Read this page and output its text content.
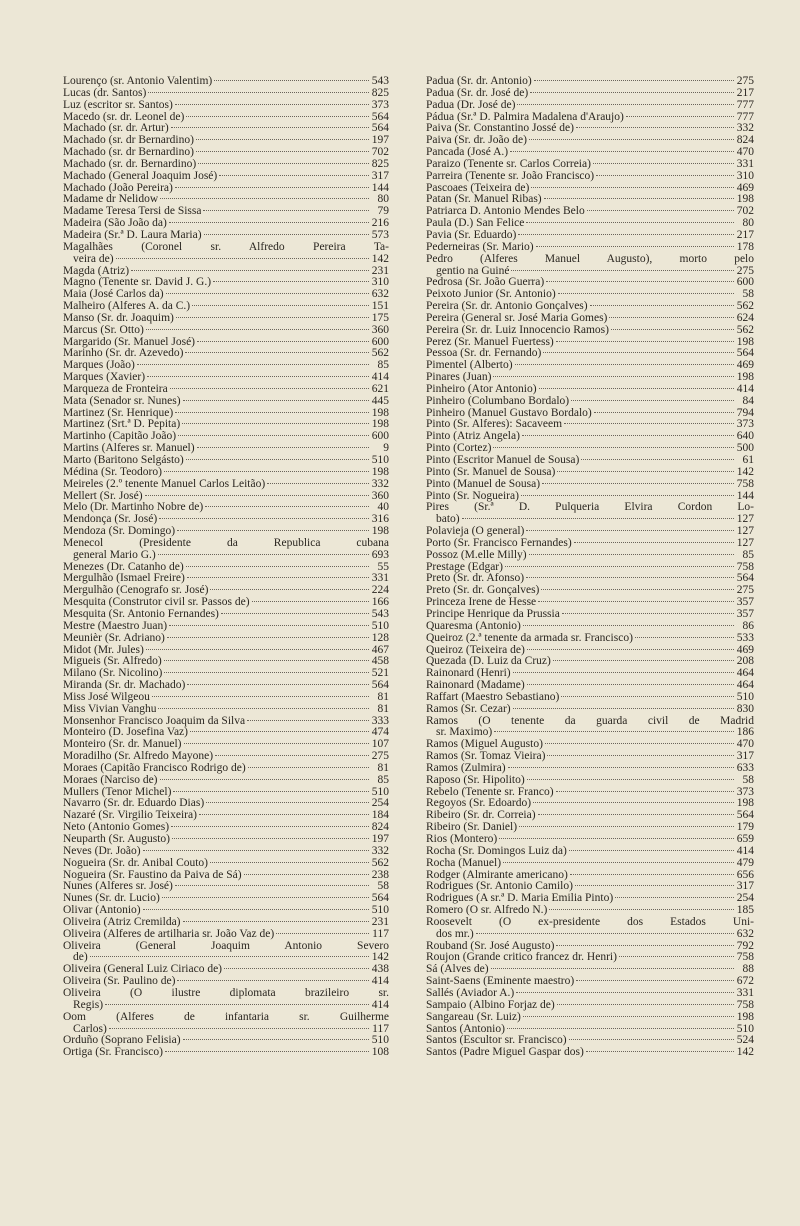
Lourenço (sr. Antonio Valentim)	543
Lucas (dr. Santos)	825
Luz (escritor sr. Santos)	373
Macedo (sr. dr. Leonel de)	564
Machado (sr. dr. Artur)	564
Machado (sr. dr Bernardino)	197
Machado (sr. dr Bernardino)	702
Machado (sr. dr. Bernardino)	825
Machado (General Joaquim José)	317
Machado (João Pereira)	144
Madame dr Nelidow	80
Madame Teresa Tersi de Sissa	79
Madeira (São João da)	216
Madeira (Sr.ª D. Laura Maria)	573
Magalhães (Coronel sr. Alfredo Pereira Ta-
veira de)	142
Magda (Atriz)	231
Magno (Tenente sr. David J. G.)	310
Maia (José Carlos da)	632
Malheiro (Alferes A. da C.)	151
Manso (Sr. dr. Joaquim)	175
Marcus (Sr. Otto)	360
Margarido (Sr. Manuel José)	600
Marinho (Sr. dr. Azevedo)	562
Marques (João)	85
Marques (Xavier)	414
Marqueza de Fronteira	621
Mata (Senador sr. Nunes)	445
Martinez (Sr. Henrique)	198
Martinez (Srt.ª D. Pepita)	198
Martinho (Capitão João)	600
Martins (Alferes sr. Manuel)	9
Marto (Baritono Selgásto)	510
Médina (Sr. Teodoro)	198
Meireles (2.º tenente Manuel Carlos Leitão)	332
Mellert (Sr. José)	360
Melo (Dr. Martinho Nobre de)	40
Mendonça (Sr. José)	316
Mendoza (Sr. Domingo)	198
Menecol (Presidente da Republica cubana
general Mario G.)	693
Menezes (Dr. Catanho de)	55
Mergulhão (Ismael Freire)	331
Mergulhão (Cenografo sr. José)	224
Mesquita (Construtor civil sr. Passos de)	166
Mesquita (Sr. Antonio Fernandes)	543
Mestre (Maestro Juan)	510
Meunièr (Sr. Adriano)	128
Midot (Mr. Jules)	467
Migueis (Sr. Alfredo)	458
Milano (Sr. Nicolino)	521
Miranda (Sr. dr. Machado)	564
Miss José Wilgeou	81
Miss Vivian Vanghu	81
Monsenhor Francisco Joaquim da Silva	333
Monteiro (D. Josefina Vaz)	474
Monteiro (Sr. dr. Manuel)	107
Moradilho (Sr. Alfredo Mayone)	275
Moraes (Capitão Francisco Rodrigo de)	81
Moraes (Narciso de)	85
Mullers (Tenor Michel)	510
Navarro (Sr. dr. Eduardo Dias)	254
Nazaré (Sr. Virgilio Teixeira)	184
Neto (Antonio Gomes)	824
Neuparth (Sr. Augusto)	197
Neves (Dr. João)	332
Nogueira (Sr. dr. Anibal Couto)	562
Nogueira (Sr. Faustino da Paiva de Sá)	238
Nunes (Alferes sr. José)	58
Nunes (Sr. dr. Lucio)	564
Olivar (Antonio)	510
Oliveira (Atriz Cremilda)	231
Oliveira (Alferes de artilharia sr. João Vaz de)	117
Oliveira (General Joaquim Antonio Severo
de)	142
Oliveira (General Luiz Ciriaco de)	438
Oliveira (Sr. Paulino de)	414
Oliveira (O ilustre diplomata brazileiro sr.
Regis)	414
Oom (Alferes de infantaria sr. Guilherme
Carlos)	117
Orduño (Soprano Felisia)	510
Ortiga (Sr. Francisco)	108
Padua (Sr. dr. Antonio)	275
Padua (Sr. dr. José de)	217
Padua (Dr. José de)	777
Pádua (Sr.ª D. Palmira Madalena d'Araujo)	777
Paiva (Sr. Constantino Jossé de)	332
Paiva (Sr. dr. João de)	824
Pancada (José A.)	470
Paraizo (Tenente sr. Carlos Correia)	331
Parreira (Tenente sr. João Francisco)	310
Pascoaes (Teixeira de)	469
Patan (Sr. Manuel Ribas)	198
Patriarca D. Antonio Mendes Belo	702
Paula (D.) San Felice	80
Pavia (Sr. Eduardo)	217
Pederneiras (Sr. Mario)	178
Pedro (Alferes Manuel Augusto), morto pelo
gentio na Guiné	275
Pedrosa (Sr. João Guerra)	600
Peixoto Junior (Sr. Antonio)	58
Pereira (Sr. dr. Antonio Gonçalves)	562
Pereira (General sr. José Maria Gomes)	624
Pereira (Sr. dr. Luiz Innocencio Ramos)	562
Perez (Sr. Manuel Fuertess)	198
Pessoa (Sr. dr. Fernando)	564
Pimentel (Alberto)	469
Pinares (Juan)	198
Pinheiro (Ator Antonio)	414
Pinheiro (Columbano Bordalo)	84
Pinheiro (Manuel Gustavo Bordalo)	794
Pinto (Sr. Alferes): Sacaveem	373
Pinto (Atriz Angela)	640
Pinto (Cortez)	500
Pinto (Escritor Manuel de Sousa)	61
Pinto (Sr. Manuel de Sousa)	142
Pinto (Manuel de Sousa)	758
Pinto (Sr. Nogueira)	144
Pires (Sr.ª D. Pulqueria Elvira Cordon Lo-
bato)	127
Polavieja (O general)	127
Porto (Sr. Francisco Fernandes)	127
Possoz (M.elle Milly)	85
Prestage (Edgar)	758
Preto (Sr. dr. Afonso)	564
Preto (Sr. dr. Gonçalves)	275
Princeza Irene de Hesse	357
Principe Henrique da Prussia	357
Quaresma (Antonio)	86
Queiroz (2.ª tenente da armada sr. Francisco)	533
Queiroz (Teixeira de)	469
Quezada (D. Luiz da Cruz)	208
Rainonard (Henri)	464
Rainonard (Madame)	464
Raffart (Maestro Sebastiano)	510
Ramos (Sr. Cezar)	830
Ramos (O tenente da guarda civil de Madrid
sr. Maximo)	186
Ramos (Miguel Augusto)	470
Ramos (Sr. Tomaz Vieira)	317
Ramos (Zulmira)	633
Raposo (Sr. Hipolito)	58
Rebelo (Tenente sr. Franco)	373
Regoyos (Sr. Edoardo)	198
Ribeiro (Sr. dr. Correia)	564
Ribeiro (Sr. Daniel)	179
Rios (Montero)	659
Rocha (Sr. Domingos Luiz da)	414
Rocha (Manuel)	479
Rodger (Almirante americano)	656
Rodrigues (Sr. Antonio Camilo)	317
Rodrigues (A sr.ª D. Maria Emilia Pinto)	254
Romero (O sr. Alfredo N.)	185
Roosevelt (O ex-presidente dos Estados Uni-
dos mr.)	632
Rouband (Sr. José Augusto)	792
Roujon (Grande critico francez dr. Henri)	758
Sá (Alves de)	88
Saint-Saens (Eminente maestro)	672
Sallés (Aviador A.)	331
Sampaio (Albino Forjaz de)	758
Sangareau (Sr. Luiz)	198
Santos (Antonio)	510
Santos (Escultor sr. Francisco)	524
Santos (Padre Miguel Gaspar dos)	142
